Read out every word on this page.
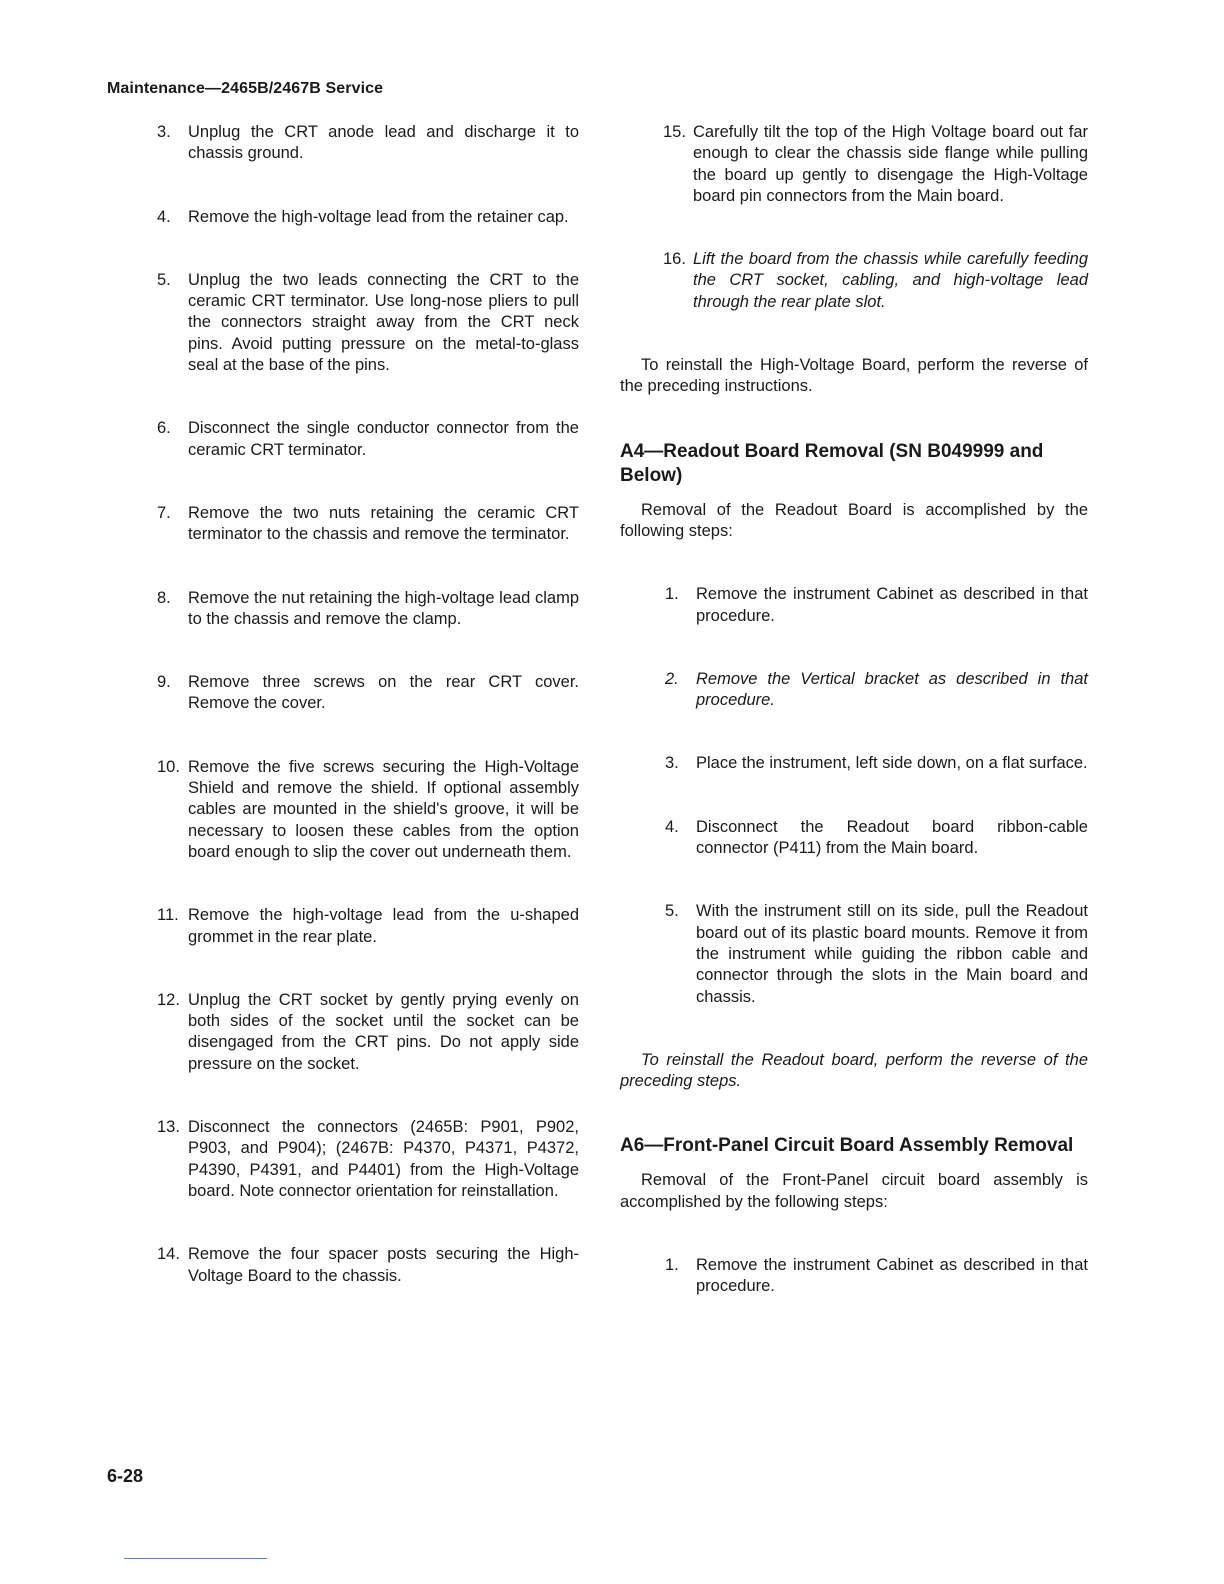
Maintenance—2465B/2467B Service
3.	Unplug the CRT anode lead and discharge it to chassis ground.
4.	Remove the high-voltage lead from the retainer cap.
5.	Unplug the two leads connecting the CRT to the ceramic CRT terminator. Use long-nose pliers to pull the connectors straight away from the CRT neck pins. Avoid putting pressure on the metal-to-glass seal at the base of the pins.
6.	Disconnect the single conductor connector from the ceramic CRT terminator.
7.	Remove the two nuts retaining the ceramic CRT terminator to the chassis and remove the terminator.
8.	Remove the nut retaining the high-voltage lead clamp to the chassis and remove the clamp.
9.	Remove three screws on the rear CRT cover. Remove the cover.
10. Remove the five screws securing the High-Voltage Shield and remove the shield. If optional assembly cables are mounted in the shield's groove, it will be necessary to loosen these cables from the option board enough to slip the cover out underneath them.
11. Remove the high-voltage lead from the u-shaped grommet in the rear plate.
12. Unplug the CRT socket by gently prying evenly on both sides of the socket until the socket can be disengaged from the CRT pins. Do not apply side pressure on the socket.
13. Disconnect the connectors (2465B: P901, P902, P903, and P904); (2467B: P4370, P4371, P4372, P4390, P4391, and P4401) from the High-Voltage board. Note connector orientation for reinstallation.
14. Remove the four spacer posts securing the High-Voltage Board to the chassis.
15. Carefully tilt the top of the High Voltage board out far enough to clear the chassis side flange while pulling the board up gently to disengage the High-Voltage board pin connectors from the Main board.
16. Lift the board from the chassis while carefully feeding the CRT socket, cabling, and high-voltage lead through the rear plate slot.
To reinstall the High-Voltage Board, perform the reverse of the preceding instructions.
A4—Readout Board Removal (SN B049999 and Below)
Removal of the Readout Board is accomplished by the following steps:
1.	Remove the instrument Cabinet as described in that procedure.
2.	Remove the Vertical bracket as described in that procedure.
3.	Place the instrument, left side down, on a flat surface.
4.	Disconnect the Readout board ribbon-cable connector (P411) from the Main board.
5.	With the instrument still on its side, pull the Readout board out of its plastic board mounts. Remove it from the instrument while guiding the ribbon cable and connector through the slots in the Main board and chassis.
To reinstall the Readout board, perform the reverse of the preceding steps.
A6—Front-Panel Circuit Board Assembly Removal
Removal of the Front-Panel circuit board assembly is accomplished by the following steps:
1.	Remove the instrument Cabinet as described in that procedure.
6-28
